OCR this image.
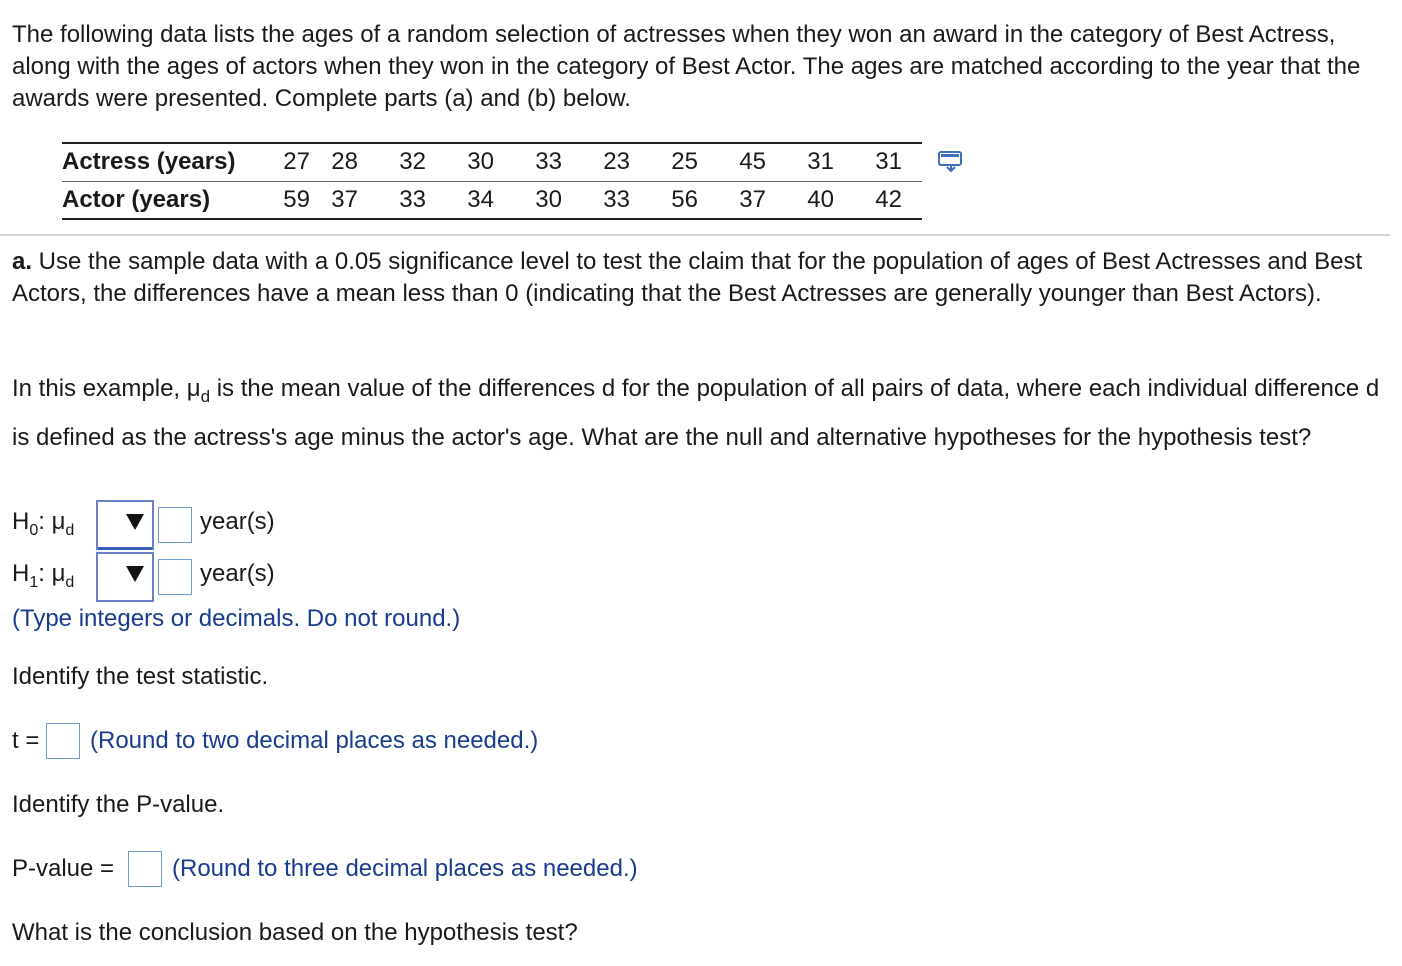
The following data lists the ages of a random selection of actresses when they won an award in the category of Best Actress, along with the ages of actors when they won in the category of Best Actor. The ages are matched according to the year that the awards were presented. Complete parts (a) and (b) below.
Actress (years)	27	28	32	30	33	23	25	45	31	31
Actor (years)	59	37	33	34	30	33	56	37	40	42
a. Use the sample data with a 0.05 significance level to test the claim that for the population of ages of Best Actresses and Best Actors, the differences have a mean less than 0 (indicating that the Best Actresses are generally younger than Best Actors).
In this example, $\mu_d$ is the mean value of the differences d for the population of all pairs of data, where each individual difference d is defined as the actress's age minus the actor's age. What are the null and alternative hypotheses for the hypothesis test?
$H_0$: $\mu_d$	year(s)
$H_1$: $\mu_d$	year(s)
(Type integers or decimals. Do not round.)
Identify the test statistic.
t = (Round to two decimal places as needed.)
Identify the P-value.
P-value = (Round to three decimal places as needed.)
What is the conclusion based on the hypothesis test?
